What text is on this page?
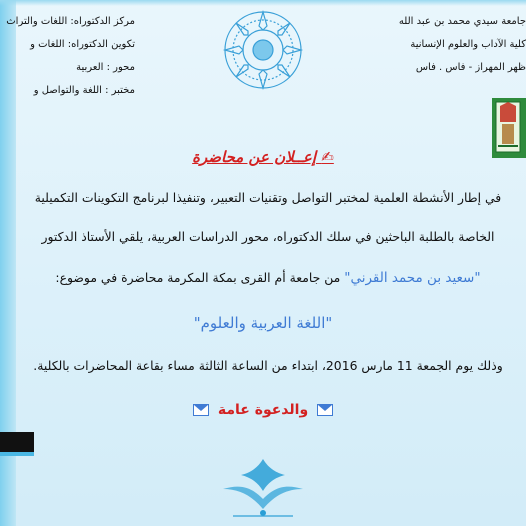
مركز الدكتوراه: اللغات والتراث
تكوين الدكتوراه: اللغات و
محور : العربية
مختبر : اللغة والتواصل و
جامعة سيدي محمد بن عبد الله
كلية الآداب والعلوم الإنسانية
ظهر المهراز - فاس . فاس
✍ إعــلان عن محاضرة
في إطار الأنشطة العلمية لمختبر التواصل وتقنيات التعبير، وتنفيذا لبرنامج التكوينات التكميلية
الخاصة بالطلبة الباحثين في سلك الدكتوراه، محور الدراسات العربية، يلقي الأستاذ الدكتور
"سعيد بن محمد القرني" من جامعة أم القرى بمكة المكرمة محاضرة في موضوع:
"اللغة العربية والعلوم"
وذلك يوم الجمعة 11 مارس 2016، ابتداء من الساعة الثالثة مساء بقاعة المحاضرات بالكلية.
والدعوة عامة
